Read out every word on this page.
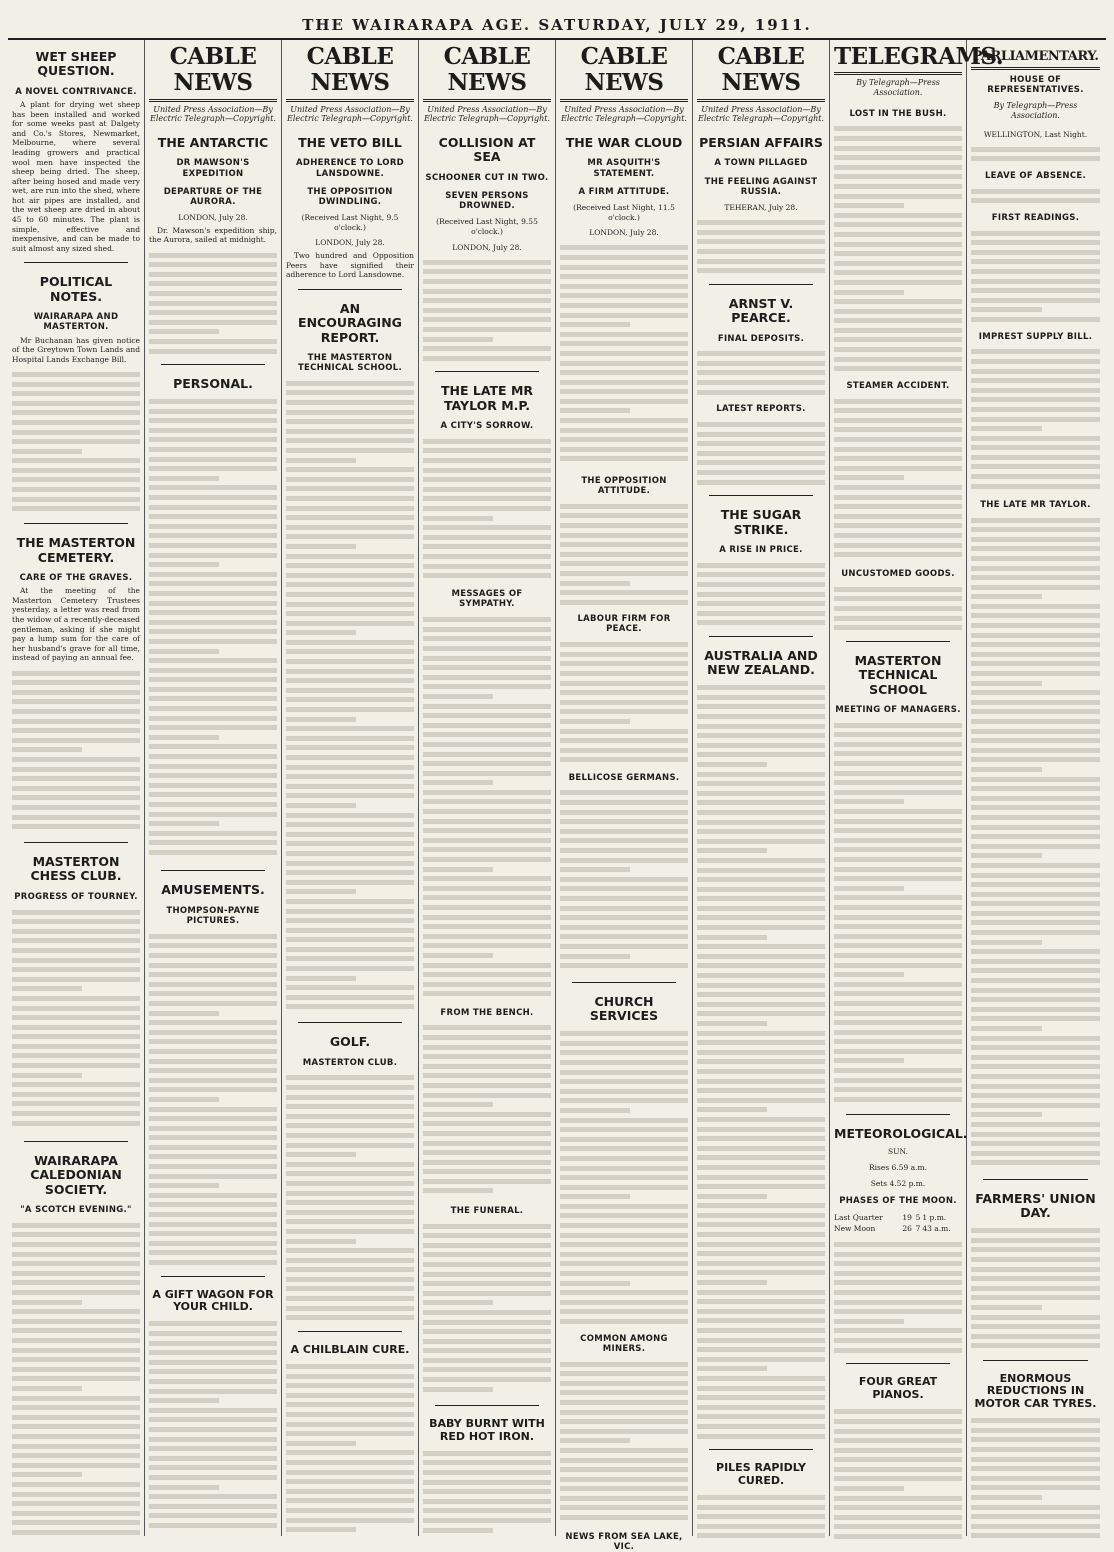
THE WAIRARAPA AGE. SATURDAY, JULY 29, 1911.
WET SHEEP QUESTION.
A NOVEL CONTRIVANCE.

A plant for drying wet sheep has been installed and worked for some weeks past at Dalgety and Co.'s Stores, Newmarket, Melbourne, where several leading growers and practical wool men have inspected the sheep being dried. The sheep, after being hosed and made very wet, are run into the shed, where hot air pipes are installed, and the wet sheep are dried in about 45 to 60 minutes. The plant is simple, effective and inexpensive, and can be made to suit almost any sized shed.

POLITICAL NOTES.
WAIRARAPA AND MASTERTON.

Mr Buchanan has given notice of the Greytown Town Lands and Hospital Lands Exchange Bill.

THE MASTERTON CEMETERY.
CARE OF THE GRAVES.

At the meeting of the Masterton Cemetery Trustees yesterday, a letter was read from the widow of a recently-deceased gentleman, asking if she might pay a lump sum for the care of her husband's grave for all time, instead of paying an annual fee.

MASTERTON CHESS CLUB.
PROGRESS OF TOURNEY.
WAIRARAPA CALEDONIAN SOCIETY.
"A SCOTCH EVENING."
CABLE NEWS
United Press Association—By Electric Telegraph—Copyright.
THE ANTARCTIC
DR MAWSON'S EXPEDITION
DEPARTURE OF THE AURORA.

LONDON, July 28.

Dr. Mawson's expedition ship, the Aurora, sailed at midnight.

PERSONAL.
AMUSEMENTS.
THOMPSON-PAYNE PICTURES.
A GIFT WAGON FOR YOUR CHILD.
CABLE NEWS
United Press Association—By Electric Telegraph—Copyright.
THE VETO BILL
ADHERENCE TO LORD LANSDOWNE.
THE OPPOSITION DWINDLING.

(Received Last Night, 9.5 o'clock.)

LONDON, July 28.

Two hundred and Opposition Peers have signified their adherence to Lord Lansdowne.

AN ENCOURAGING REPORT.
THE MASTERTON TECHNICAL SCHOOL.
GOLF.
MASTERTON CLUB.
A CHILBLAIN CURE.
CABLE NEWS
United Press Association—By Electric Telegraph—Copyright.
COLLISION AT SEA
SCHOONER CUT IN TWO.
SEVEN PERSONS DROWNED.

(Received Last Night, 9.55 o'clock.)

LONDON, July 28.

THE LATE MR TAYLOR M.P.
A CITY'S SORROW.
MESSAGES OF SYMPATHY.
FROM THE BENCH.
THE FUNERAL.
BABY BURNT WITH RED HOT IRON.
CABLE NEWS
United Press Association—By Electric Telegraph—Copyright.
THE WAR CLOUD
MR ASQUITH'S STATEMENT.
A FIRM ATTITUDE.

(Received Last Night, 11.5 o'clock.)

LONDON, July 28.

THE OPPOSITION ATTITUDE.
LABOUR FIRM FOR PEACE.
BELLICOSE GERMANS.
CHURCH SERVICES
COMMON AMONG MINERS.
NEWS FROM SEA LAKE, VIC.
CABLE NEWS
United Press Association—By Electric Telegraph—Copyright.
PERSIAN AFFAIRS
A TOWN PILLAGED
THE FEELING AGAINST RUSSIA.

TEHERAN, July 28.

ARNST V. PEARCE.
FINAL DEPOSITS.
LATEST REPORTS.
THE SUGAR STRIKE.
A RISE IN PRICE.
AUSTRALIA AND NEW ZEALAND.
PILES RAPIDLY CURED.
TELEGRAMS.
By Telegraph—Press Association.
LOST IN THE BUSH.
STEAMER ACCIDENT.
UNCUSTOMED GOODS.
MASTERTON TECHNICAL SCHOOL
MEETING OF MANAGERS.
METEOROLOGICAL.

SUN.

Rises 6.59 a.m.

Sets 4.52 p.m.

PHASES OF THE MOON.
Last Quarter	19	5	1 p.m.
New Moon	26	7	43 a.m.
FOUR GREAT PIANOS.
PARLIAMENTARY.
HOUSE OF REPRESENTATIVES.
By Telegraph—Press Association.

WELLINGTON, Last Night.

LEAVE OF ABSENCE.
FIRST READINGS.
IMPREST SUPPLY BILL.
THE LATE MR TAYLOR.
FARMERS' UNION DAY.
ENORMOUS REDUCTIONS IN MOTOR CAR TYRES.
